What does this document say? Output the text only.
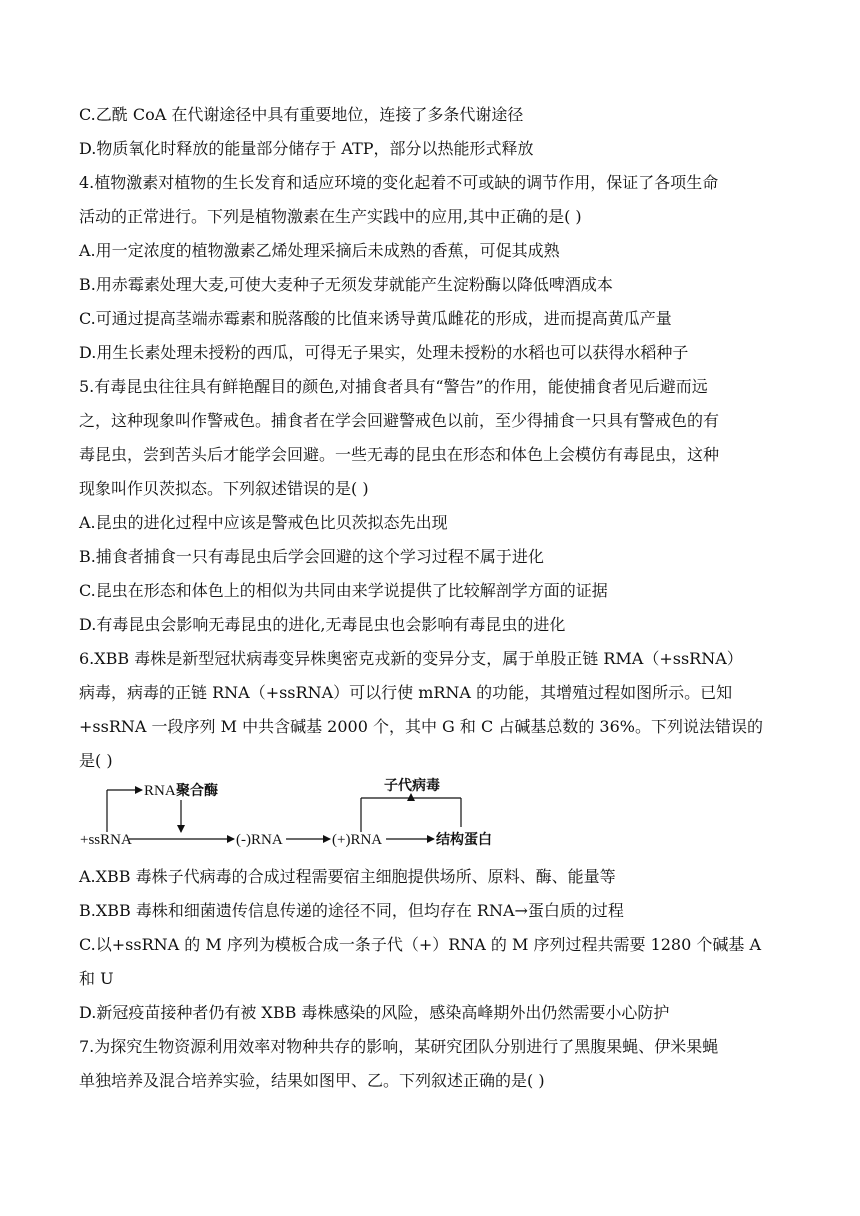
C.乙酰 CoA 在代谢途径中具有重要地位，连接了多条代谢途径
D.物质氧化时释放的能量部分储存于 ATP，部分以热能形式释放
4.植物激素对植物的生长发育和适应环境的变化起着不可或缺的调节作用，保证了各项生命
活动的正常进行。下列是植物激素在生产实践中的应用,其中正确的是( )
A.用一定浓度的植物激素乙烯处理采摘后未成熟的香蕉，可促其成熟
B.用赤霉素处理大麦,可使大麦种子无须发芽就能产生淀粉酶以降低啤酒成本
C.可通过提高茎端赤霉素和脱落酸的比值来诱导黄瓜雌花的形成，进而提高黄瓜产量
D.用生长素处理未授粉的西瓜，可得无子果实，处理未授粉的水稻也可以获得水稻种子
5.有毒昆虫往往具有鲜艳醒目的颜色,对捕食者具有“警告”的作用，能使捕食者见后避而远
之，这种现象叫作警戒色。捕食者在学会回避警戒色以前，至少得捕食一只具有警戒色的有
毒昆虫，尝到苦头后才能学会回避。一些无毒的昆虫在形态和体色上会模仿有毒昆虫，这种
现象叫作贝茨拟态。下列叙述错误的是( )
A.昆虫的进化过程中应该是警戒色比贝茨拟态先出现
B.捕食者捕食一只有毒昆虫后学会回避的这个学习过程不属于进化
C.昆虫在形态和体色上的相似为共同由来学说提供了比较解剖学方面的证据
D.有毒昆虫会影响无毒昆虫的进化,无毒昆虫也会影响有毒昆虫的进化
6.XBB 毒株是新型冠状病毒变异株奥密克戎新的变异分支，属于单股正链 RMA（+ssRNA）
病毒，病毒的正链 RNA（+ssRNA）可以行使 mRNA 的功能，其增殖过程如图所示。已知
+ssRNA 一段序列 M 中共含碱基 2000 个，其中 G 和 C 占碱基总数的 36%。下列说法错误的
是( )
RNA 聚合酶
+ssRNA	(-)RNA	(+)RNA	结构蛋白
子代病毒
A.XBB 毒株子代病毒的合成过程需要宿主细胞提供场所、原料、酶、能量等
B.XBB 毒株和细菌遗传信息传递的途径不同，但均存在 RNA→蛋白质的过程
C.以+ssRNA 的 M 序列为模板合成一条子代（+）RNA 的 M 序列过程共需要 1280 个碱基 A
和 U
D.新冠疫苗接种者仍有被 XBB 毒株感染的风险，感染高峰期外出仍然需要小心防护
7.为探究生物资源利用效率对物种共存的影响，某研究团队分别进行了黑腹果蝇、伊米果蝇
单独培养及混合培养实验，结果如图甲、乙。下列叙述正确的是( )
